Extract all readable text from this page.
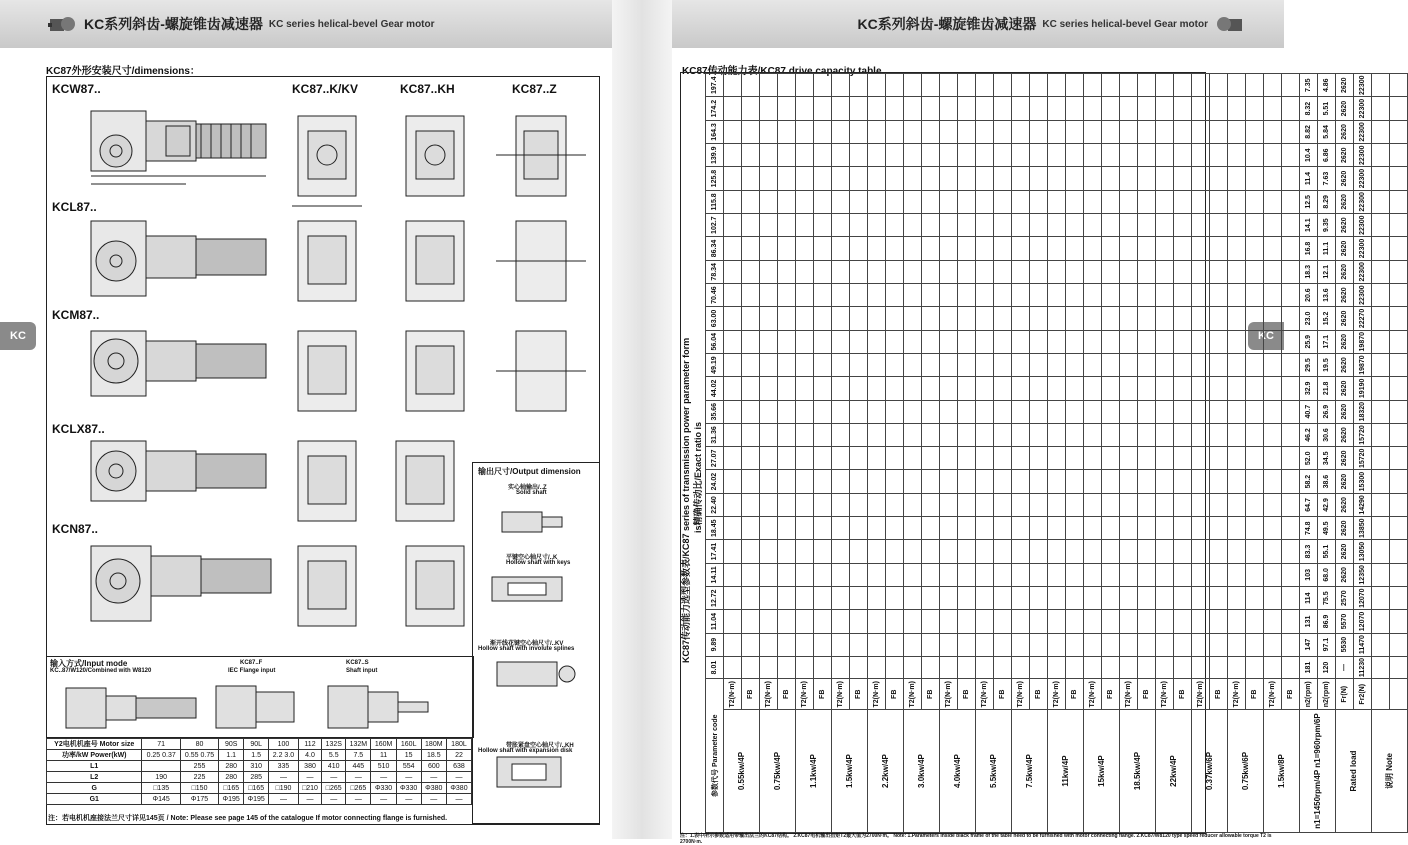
KC系列斜齿-螺旋锥齿减速器 KC series helical-bevel Gear motor	KC系列斜齿-螺旋锥齿减速器 KC series helical-bevel Gear motor
KC	KC
KC87外形安装尺寸/dimensions：
KCW87..	KC87..K/KV	KC87..KH	KC87..Z
KCL87..
KCM87..
KCLX87..
KCN87..
输出尺寸/Output dimension
实心轴输出/..Z
Solid shaft
平键空心轴尺寸/..K
Hollow shaft with keys
渐开线花键空心轴尺寸/..KV
Hollow shaft with involute splines
带胀紧盘空心轴尺寸/..KH
Hollow shaft with expansion disk
输入方式/Input mode
KC..87/W120/Combined with W8120
KC87..F
IEC Flange input
KC87..S
Shaft input
Y2电机机座号 Motor size	71	80	90S	90L	100	112	132S	132M	160M	160L	180M	180L
功率/kW Power(kW)	0.25 0.37	0.55 0.75	1.1	1.5	2.2 3.0	4.0	5.5	7.5	11	15	18.5	22
L1		255	280	310	335	380	410	445	510	554	600	638
L2	190	225	280	285	—	—	—	—	—	—	—	—
G	□135	□150	□165	□165	□190	□210	□265	□265	Φ330	Φ330	Φ380	Φ380
G1	Φ145	Φ175	Φ195	Φ195	—	—	—	—	—	—	—	—
注：若电机机座接法兰尺寸详见145页 / Note: Please see page 145 of the catalogue If motor connecting flange is furnished.
KC87传动能力表/KC87 drive capacity table
KC87传动能力选型参数表/KC87 series of transmission power parameter form is精确传动比/Exact ratio is
参数代号 Parameter code		8.01	9.89	11.04	12.72	14.11	17.41	18.45	22.40	24.02	27.07	31.36	35.66	44.02	49.19	56.04	63.00	70.46	78.34	86.34	102.7	115.8	125.8	139.9	164.3	174.2	197.4
0.55kw/4P	T2(N·m)																										
	FB																										
0.75kw/4P	T2(N·m)																										
	FB																										
1.1kw/4P	T2(N·m)																										
	FB																										
1.5kw/4P	T2(N·m)																										
	FB																										
2.2kw/4P	T2(N·m)																										
	FB																										
3.0kw/4P	T2(N·m)																										
	FB																										
4.0kw/4P	T2(N·m)																										
	FB																										
5.5kw/4P	T2(N·m)																										
	FB																										
7.5kw/4P	T2(N·m)																										
	FB																										
11kw/4P	T2(N·m)																										
	FB																										
15kw/4P	T2(N·m)																										
	FB																										
18.5kw/4P	T2(N·m)																										
	FB																										
22kw/4P	T2(N·m)																										
	FB																										
0.37kw/6P	T2(N·m)																										
	FB																										
0.75kw/6P	T2(N·m)																										
	FB																										
1.5kw/8P	T2(N·m)																										
	FB																										
n1=1450rpm/4P n1=960rpm/6P	n2(rpm)	181	147	131	114	103	83.3	74.8	64.7	58.2	52.0	46.2	40.7	32.9	29.5	25.9	23.0	20.6	18.3	16.8	14.1	12.5	11.4	10.4	8.82	8.32	7.35
	n2(rpm)	120	97.1	86.9	75.5	68.0	55.1	49.5	42.9	38.6	34.5	30.6	26.9	21.8	19.5	17.1	15.2	13.6	12.1	11.1	9.35	8.29	7.63	6.86	5.84	5.51	4.86
Rated load	Fr(N)	—	5530	5570	2570	2620	2620	2620	2620	2620	2620	2620	2620	2620	2620	2620	2620	2620	2620	2620	2620	2620	2620	2620	2620	2620	2620
	Fr2(N)	11230	11470	12070	12070	12350	13050	13850	14290	15300	15720	15720	18320	19190	19870	19870	22270	22300	22300	22300	22300	22300	22300	22300	22300	22300	22300
说明 Note																											

注：1.表中所示参数适用带输出法兰的KC87结构。 2.KC87电机输出扭矩T2最大值为2700N·m。 Note: 1.Parameters inside black frame of the table need to be furnished with motor connecting flange. 2.KC87/W8120 type speed reducer allowable torque T2 is 2700N·m.
